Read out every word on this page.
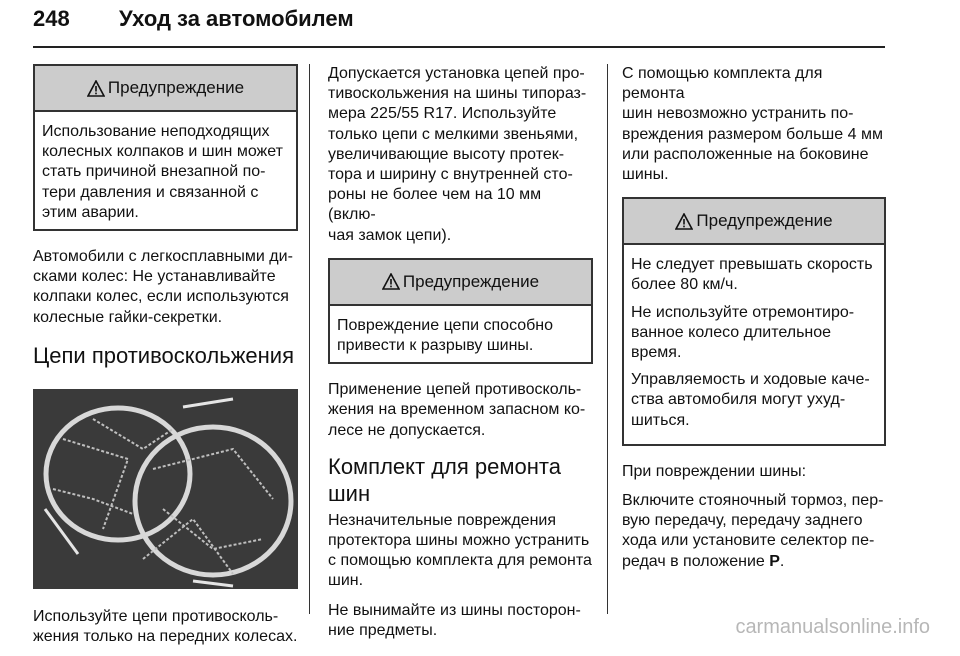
248 Уход за автомобилем
Предупреждение
Использование неподходящих
колесных колпаков и шин может
стать причиной внезапной по-
тери давления и связанной с
этим аварии.

Автомобили с легкосплавными ди-
сками колес: Не устанавливайте
колпаки колес, если используются
колесные гайки-секретки.

Цепи противоскольжения

Используйте цепи противосколь-
жения только на передних колесах.

Допускается установка цепей про-
тивоскольжения на шины типораз-
мера 225/55 R17. Используйте
только цепи с мелкими звеньями,
увеличивающие высоту протек-
тора и ширину с внутренней сто-
роны не более чем на 10 мм (вклю-
чая замок цепи).

Предупреждение
Повреждение цепи способно
привести к разрыву шины.

Применение цепей противосколь-
жения на временном запасном ко-
лесе не допускается.

Комплект для ремонта
шин

Незначительные повреждения
протектора шины можно устранить
с помощью комплекта для ремонта
шин.

Не вынимайте из шины посторон-
ние предметы.

С помощью комплекта для ремонта
шин невозможно устранить по-
вреждения размером больше 4 мм
или расположенные на боковине
шины.

Предупреждение

Не следует превышать скорость
более 80 км/ч.

Не используйте отремонтиро-
ванное колесо длительное
время.

Управляемость и ходовые каче-
ства автомобиля могут ухуд-
шиться.

При повреждении шины:

Включите стояночный тормоз, пер-
вую передачу, передачу заднего
хода или установите селектор пе-
редач в положение P.

carmanualsonline.info
